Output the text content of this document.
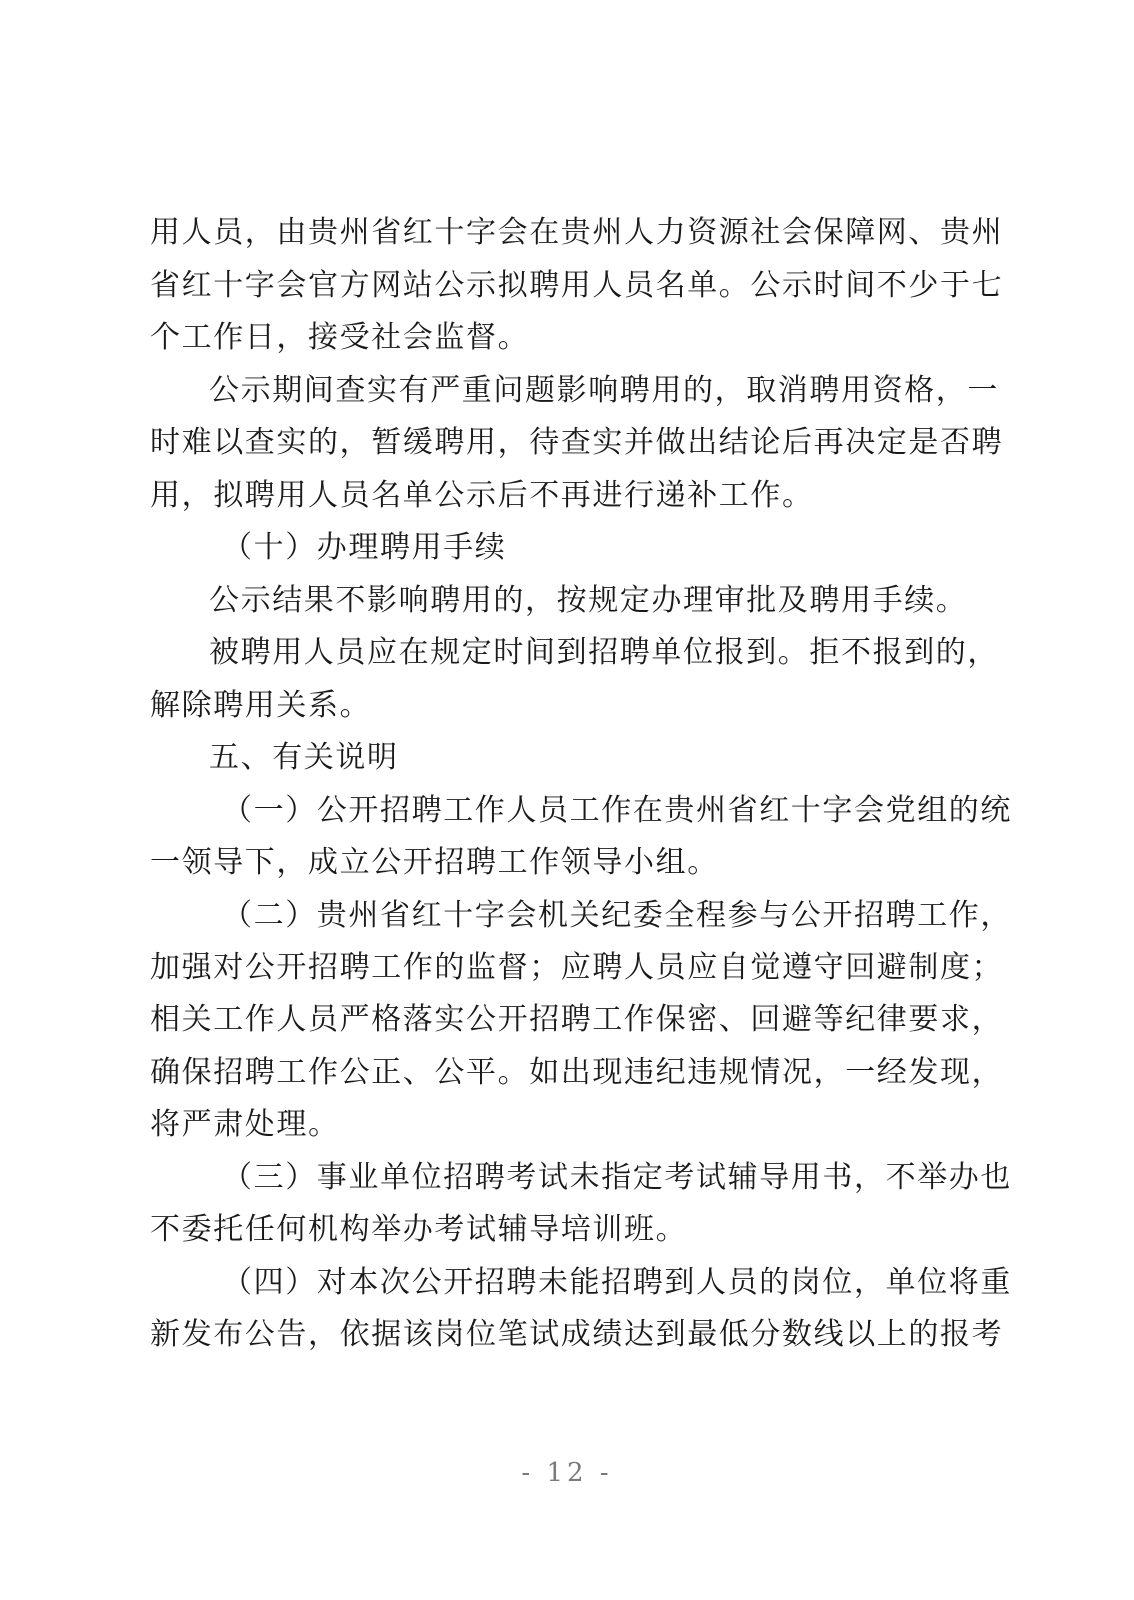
用人员，由贵州省红十字会在贵州人力资源社会保障网、贵州
省红十字会官方网站公示拟聘用人员名单。公示时间不少于七
个工作日，接受社会监督。
公示期间查实有严重问题影响聘用的，取消聘用资格，一
时难以查实的，暂缓聘用，待查实并做出结论后再决定是否聘
用，拟聘用人员名单公示后不再进行递补工作。
（十）办理聘用手续
公示结果不影响聘用的，按规定办理审批及聘用手续。
被聘用人员应在规定时间到招聘单位报到。拒不报到的，
解除聘用关系。
五、有关说明
（一）公开招聘工作人员工作在贵州省红十字会党组的统
一领导下，成立公开招聘工作领导小组。
（二）贵州省红十字会机关纪委全程参与公开招聘工作，
加强对公开招聘工作的监督；应聘人员应自觉遵守回避制度；
相关工作人员严格落实公开招聘工作保密、回避等纪律要求，
确保招聘工作公正、公平。如出现违纪违规情况，一经发现，
将严肃处理。
（三）事业单位招聘考试未指定考试辅导用书，不举办也
不委托任何机构举办考试辅导培训班。
（四）对本次公开招聘未能招聘到人员的岗位，单位将重
新发布公告，依据该岗位笔试成绩达到最低分数线以上的报考
- 12 -
